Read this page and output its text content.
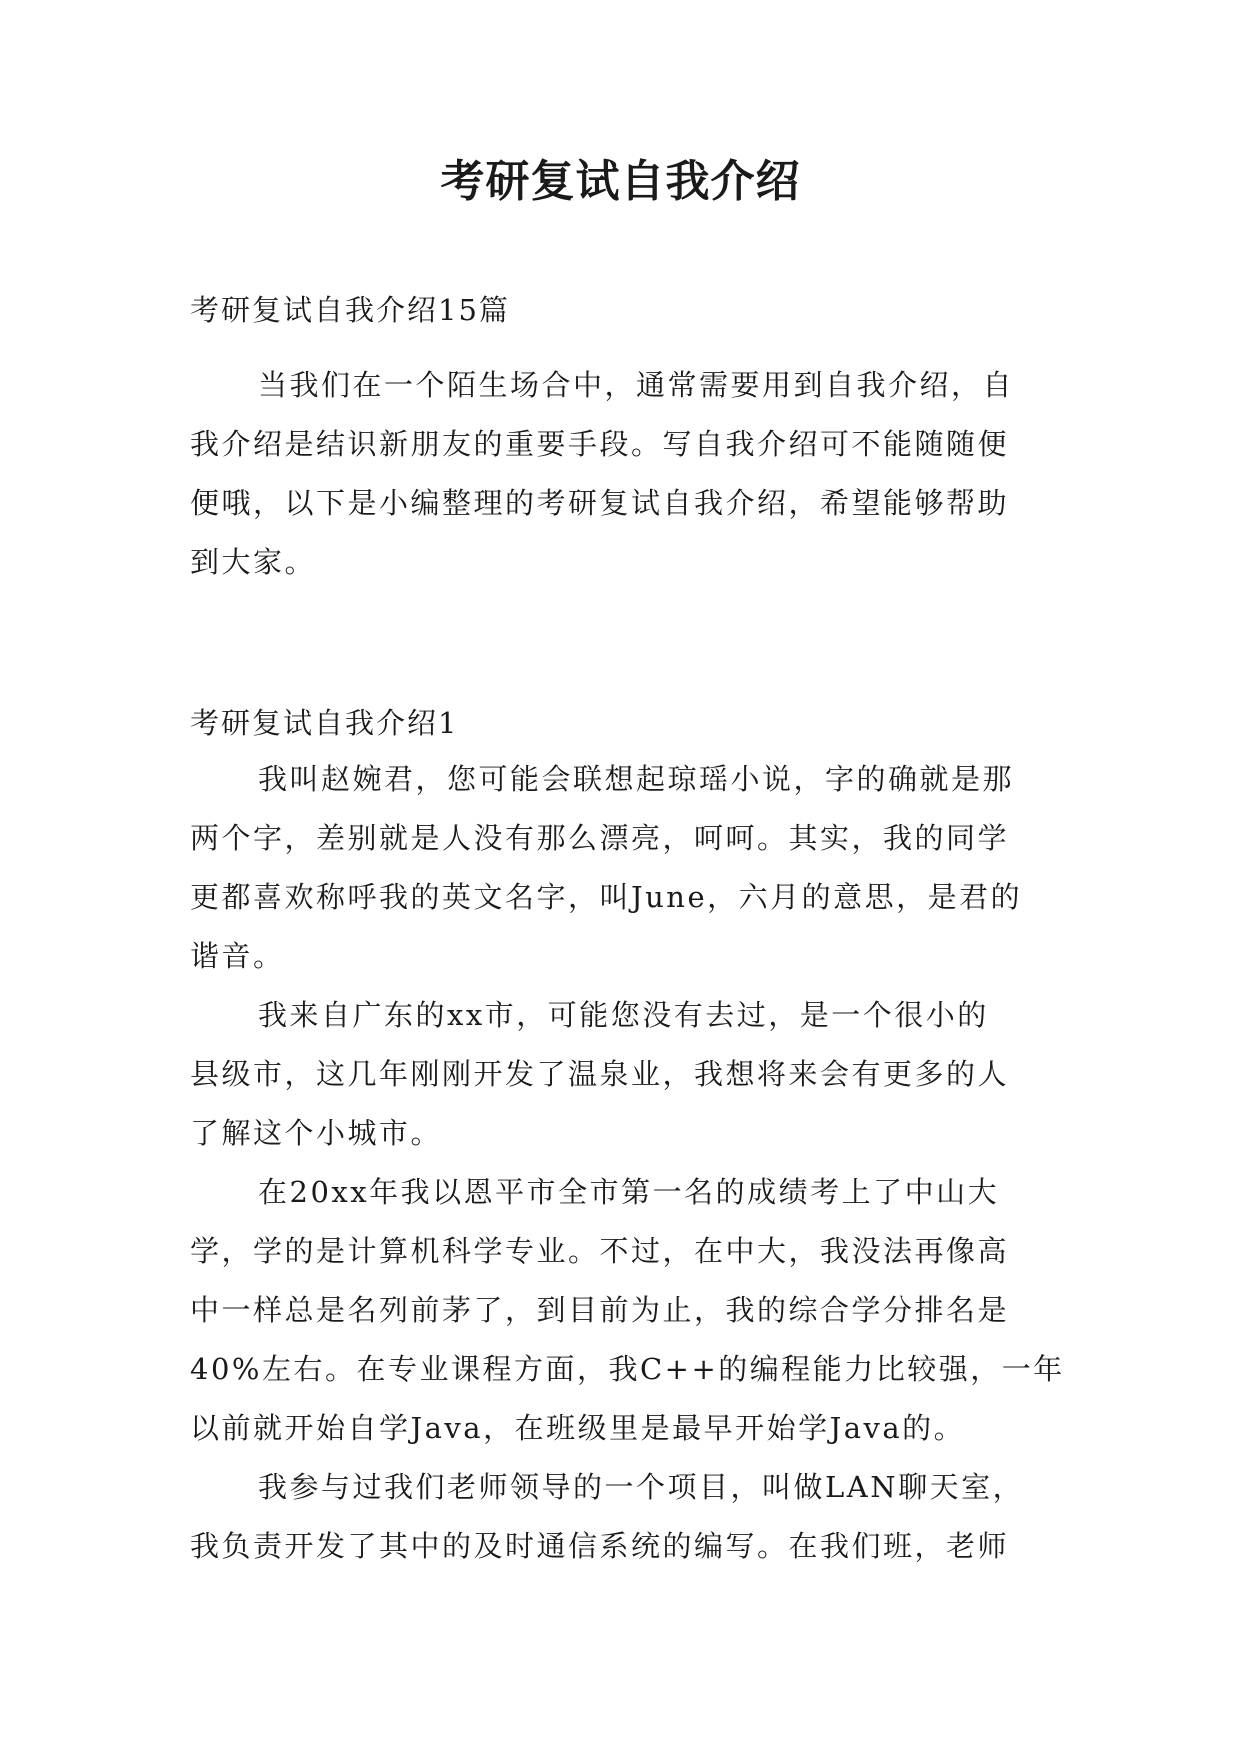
考研复试自我介绍
考研复试自我介绍15篇
当我们在一个陌生场合中，通常需要用到自我介绍，自
我介绍是结识新朋友的重要手段。写自我介绍可不能随随便
便哦，以下是小编整理的考研复试自我介绍，希望能够帮助
到大家。
考研复试自我介绍1
我叫赵婉君，您可能会联想起琼瑶小说，字的确就是那
两个字，差别就是人没有那么漂亮，呵呵。其实，我的同学
更都喜欢称呼我的英文名字，叫June，六月的意思，是君的
谐音。
我来自广东的xx市，可能您没有去过，是一个很小的
县级市，这几年刚刚开发了温泉业，我想将来会有更多的人
了解这个小城市。
在20xx年我以恩平市全市第一名的成绩考上了中山大
学，学的是计算机科学专业。不过，在中大，我没法再像高
中一样总是名列前茅了，到目前为止，我的综合学分排名是
40%左右。在专业课程方面，我C++的编程能力比较强，一年
以前就开始自学Java，在班级里是最早开始学Java的。
我参与过我们老师领导的一个项目，叫做LAN聊天室，
我负责开发了其中的及时通信系统的编写。在我们班，老师
